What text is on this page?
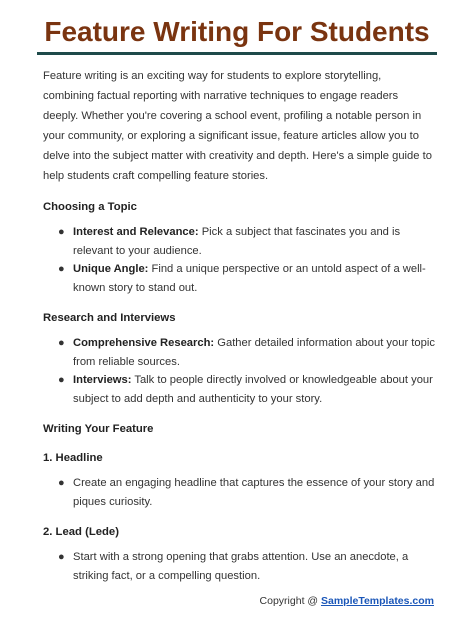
Feature Writing For Students

Feature writing is an exciting way for students to explore storytelling, combining factual reporting with narrative techniques to engage readers deeply. Whether you're covering a school event, profiling a notable person in your community, or exploring a significant issue, feature articles allow you to delve into the subject matter with creativity and depth. Here's a simple guide to help students craft compelling feature stories.

Choosing a Topic
● Interest and Relevance: Pick a subject that fascinates you and is relevant to your audience.
● Unique Angle: Find a unique perspective or an untold aspect of a well-known story to stand out.
Research and Interviews
● Comprehensive Research: Gather detailed information about your topic from reliable sources.
● Interviews: Talk to people directly involved or knowledgeable about your subject to add depth and authenticity to your story.
Writing Your Feature
1. Headline
● Create an engaging headline that captures the essence of your story and piques curiosity.
2. Lead (Lede)
● Start with a strong opening that grabs attention. Use an anecdote, a striking fact, or a compelling question.
Copyright @ SampleTemplates.com
